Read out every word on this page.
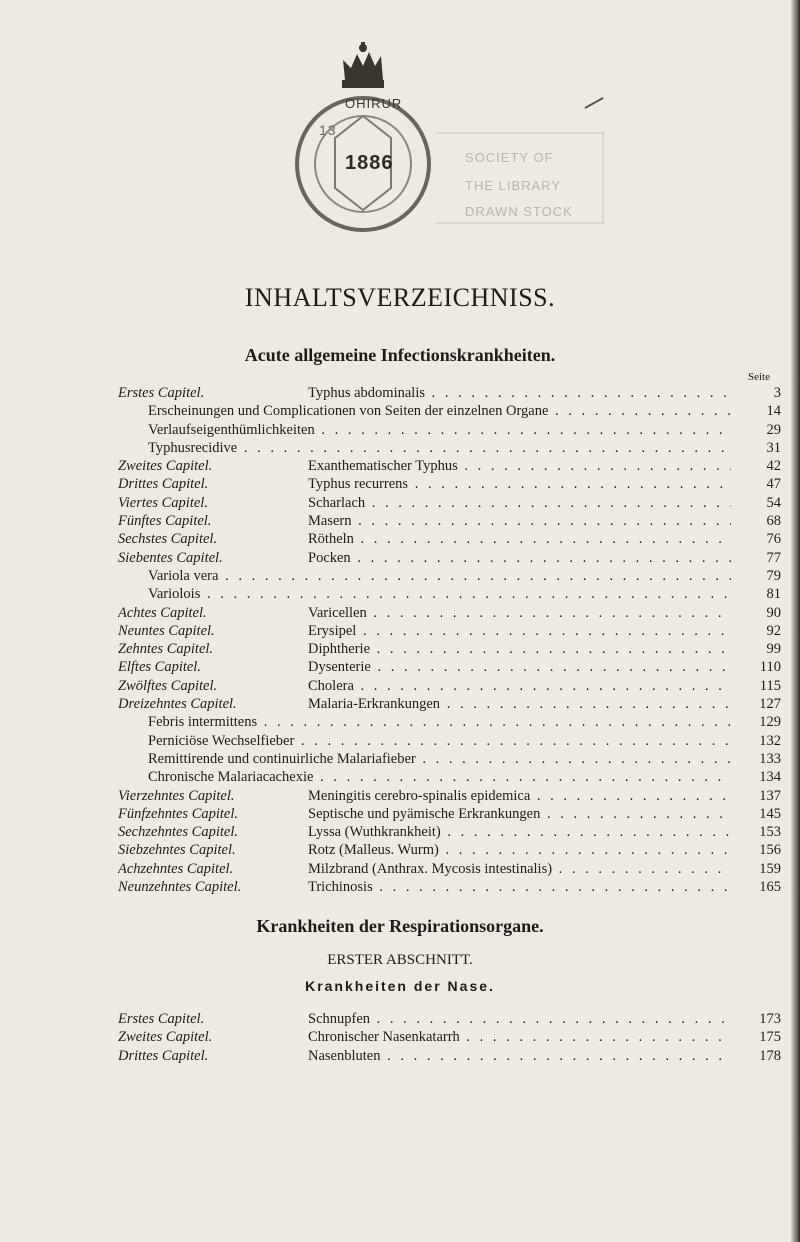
OHIRUR
13
1886	SOCIETY OF
THE LIBRARY
DRAWN STOCK
INHALTSVERZEICHNISS.
Acute allgemeine Infectionskrankheiten.
Seite
Erstes Capitel.	Typhus abdominalis . . .	3
Erscheinungen und Complicationen von Seiten der einzelnen Organe . . .	14
Verlaufseigenthümlichkeiten . . .	29
Typhusrecidive . . .	31
Zweites Capitel.	Exanthematischer Typhus . . .	42
Drittes Capitel.	Typhus recurrens . . .	47
Viertes Capitel.	Scharlach . . .	54
Fünftes Capitel.	Masern . . .	68
Sechstes Capitel.	Rötheln . . .	76
Siebentes Capitel.	Pocken . . .	77
Variola vera . . .	79
Variolois . . .	81
Achtes Capitel.	Varicellen . . .	90
Neuntes Capitel.	Erysipel . . .	92
Zehntes Capitel.	Diphtherie . . .	99
Elftes Capitel.	Dysenterie . . .	110
Zwölftes Capitel.	Cholera . . .	115
Dreizehntes Capitel.	Malaria-Erkrankungen . . .	127
Febris intermittens . . .	129
Perniciöse Wechselfieber . . .	132
Remittirende und continuirliche Malariafieber . . .	133
Chronische Malariacachexie . . .	134
Vierzehntes Capitel.	Meningitis cerebro-spinalis epidemica . . .	137
Fünfzehntes Capitel.	Septische und pyämische Erkrankungen . . .	145
Sechzehntes Capitel.	Lyssa (Wuthkrankheit) . . .	153
Siebzehntes Capitel.	Rotz (Malleus. Wurm) . . .	156
Achzehntes Capitel.	Milzbrand (Anthrax. Mycosis intestinalis) . . .	159
Neunzehntes Capitel.	Trichinosis . . .	165
Krankheiten der Respirationsorgane.
ERSTER ABSCHNITT.
Krankheiten der Nase.
Erstes Capitel.	Schnupfen . . .	173
Zweites Capitel.	Chronischer Nasenkatarrh . . .	175
Drittes Capitel.	Nasenbluten . . .	178
